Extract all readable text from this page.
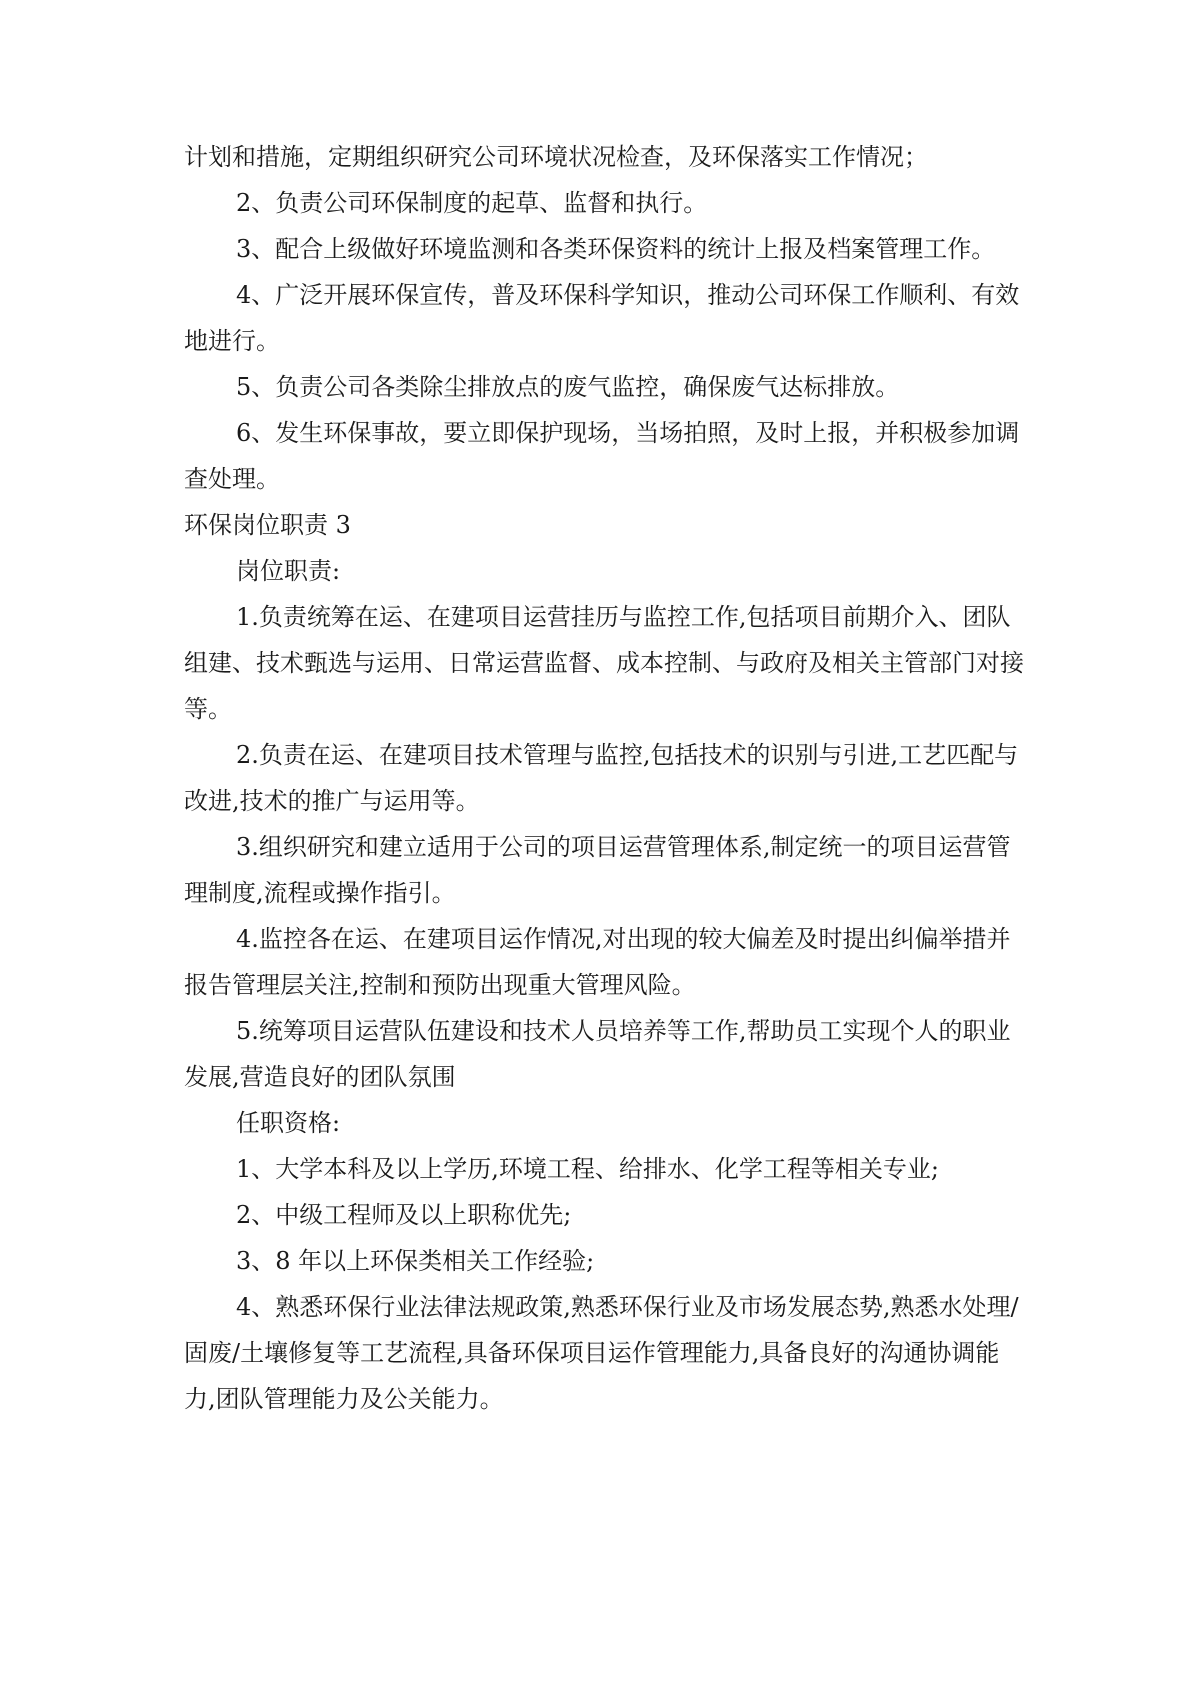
计划和措施，定期组织研究公司环境状况检查，及环保落实工作情况；

2、负责公司环保制度的起草、监督和执行。

3、配合上级做好环境监测和各类环保资料的统计上报及档案管理工作。

4、广泛开展环保宣传，普及环保科学知识，推动公司环保工作顺利、有效地进行。

5、负责公司各类除尘排放点的废气监控，确保废气达标排放。

6、发生环保事故，要立即保护现场，当场拍照，及时上报，并积极参加调查处理。

环保岗位职责 3

岗位职责:

1.负责统筹在运、在建项目运营挂历与监控工作,包括项目前期介入、团队组建、技术甄选与运用、日常运营监督、成本控制、与政府及相关主管部门对接等。

2.负责在运、在建项目技术管理与监控,包括技术的识别与引进,工艺匹配与改进,技术的推广与运用等。

3.组织研究和建立适用于公司的项目运营管理体系,制定统一的项目运营管理制度,流程或操作指引。

4.监控各在运、在建项目运作情况,对出现的较大偏差及时提出纠偏举措并报告管理层关注,控制和预防出现重大管理风险。

5.统筹项目运营队伍建设和技术人员培养等工作,帮助员工实现个人的职业发展,营造良好的团队氛围

任职资格:

1、大学本科及以上学历,环境工程、给排水、化学工程等相关专业;

2、中级工程师及以上职称优先;

3、8 年以上环保类相关工作经验;

4、熟悉环保行业法律法规政策,熟悉环保行业及市场发展态势,熟悉水处理/固废/土壤修复等工艺流程,具备环保项目运作管理能力,具备良好的沟通协调能力,团队管理能力及公关能力。
